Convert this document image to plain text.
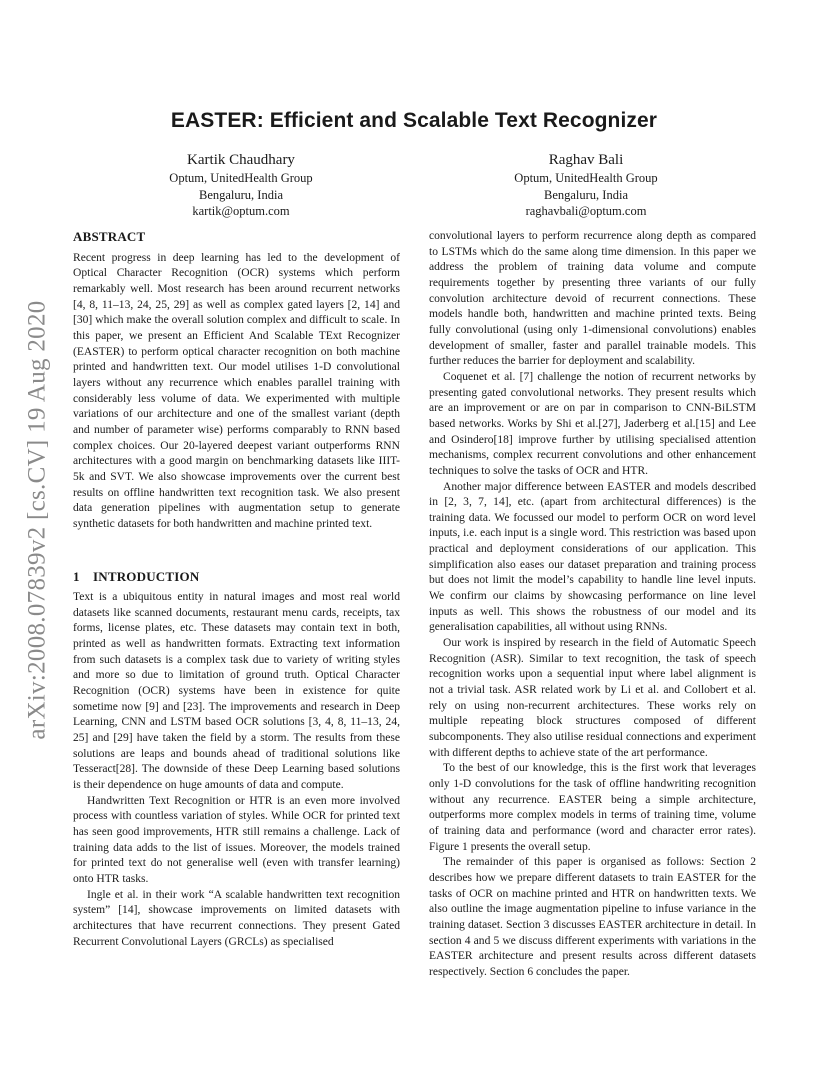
arXiv:2008.07839v2 [cs.CV] 19 Aug 2020
EASTER: Efficient and Scalable Text Recognizer
Kartik Chaudhary
Optum, UnitedHealth Group
Bengaluru, India
kartik@optum.com
Raghav Bali
Optum, UnitedHealth Group
Bengaluru, India
raghavbali@optum.com
ABSTRACT

Recent progress in deep learning has led to the development of Optical Character Recognition (OCR) systems which perform remarkably well. Most research has been around recurrent networks [4, 8, 11–13, 24, 25, 29] as well as complex gated layers [2, 14] and [30] which make the overall solution complex and difficult to scale. In this paper, we present an Efficient And Scalable TExt Recognizer (EASTER) to perform optical character recognition on both machine printed and handwritten text. Our model utilises 1-D convolutional layers without any recurrence which enables parallel training with considerably less volume of data. We experimented with multiple variations of our architecture and one of the smallest variant (depth and number of parameter wise) performs comparably to RNN based complex choices. Our 20-layered deepest variant outperforms RNN architectures with a good margin on benchmarking datasets like IIIT-5k and SVT. We also showcase improvements over the current best results on offline handwritten text recognition task. We also present data generation pipelines with augmentation setup to generate synthetic datasets for both handwritten and machine printed text.

1 INTRODUCTION

Text is a ubiquitous entity in natural images and most real world datasets like scanned documents, restaurant menu cards, receipts, tax forms, license plates, etc. These datasets may contain text in both, printed as well as handwritten formats. Extracting text information from such datasets is a complex task due to variety of writing styles and more so due to limitation of ground truth. Optical Character Recognition (OCR) systems have been in existence for quite sometime now [9] and [23]. The improvements and research in Deep Learning, CNN and LSTM based OCR solutions [3, 4, 8, 11–13, 24, 25] and [29] have taken the field by a storm. The results from these solutions are leaps and bounds ahead of traditional solutions like Tesseract[28]. The downside of these Deep Learning based solutions is their dependence on huge amounts of data and compute.

Handwritten Text Recognition or HTR is an even more involved process with countless variation of styles. While OCR for printed text has seen good improvements, HTR still remains a challenge. Lack of training data adds to the list of issues. Moreover, the models trained for printed text do not generalise well (even with transfer learning) onto HTR tasks.

Ingle et al. in their work “A scalable handwritten text recognition system” [14], showcase improvements on limited datasets with architectures that have recurrent connections. They present Gated Recurrent Convolutional Layers (GRCLs) as specialised

convolutional layers to perform recurrence along depth as compared to LSTMs which do the same along time dimension. In this paper we address the problem of training data volume and compute requirements together by presenting three variants of our fully convolution architecture devoid of recurrent connections. These models handle both, handwritten and machine printed texts. Being fully convolutional (using only 1-dimensional convolutions) enables development of smaller, faster and parallel trainable models. This further reduces the barrier for deployment and scalability.

Coquenet et al. [7] challenge the notion of recurrent networks by presenting gated convolutional networks. They present results which are an improvement or are on par in comparison to CNN-BiLSTM based networks. Works by Shi et al.[27], Jaderberg et al.[15] and Lee and Osindero[18] improve further by utilising specialised attention mechanisms, complex recurrent convolutions and other enhancement techniques to solve the tasks of OCR and HTR.

Another major difference between EASTER and models described in [2, 3, 7, 14], etc. (apart from architectural differences) is the training data. We focussed our model to perform OCR on word level inputs, i.e. each input is a single word. This restriction was based upon practical and deployment considerations of our application. This simplification also eases our dataset preparation and training process but does not limit the model’s capability to handle line level inputs. We confirm our claims by showcasing performance on line level inputs as well. This shows the robustness of our model and its generalisation capabilities, all without using RNNs.

Our work is inspired by research in the field of Automatic Speech Recognition (ASR). Similar to text recognition, the task of speech recognition works upon a sequential input where label alignment is not a trivial task. ASR related work by Li et al. and Collobert et al. rely on using non-recurrent architectures. These works rely on multiple repeating block structures composed of different subcomponents. They also utilise residual connections and experiment with different depths to achieve state of the art performance.

To the best of our knowledge, this is the first work that leverages only 1-D convolutions for the task of offline handwriting recognition without any recurrence. EASTER being a simple architecture, outperforms more complex models in terms of training time, volume of training data and performance (word and character error rates). Figure 1 presents the overall setup.

The remainder of this paper is organised as follows: Section 2 describes how we prepare different datasets to train EASTER for the tasks of OCR on machine printed and HTR on handwritten texts. We also outline the image augmentation pipeline to infuse variance in the training dataset. Section 3 discusses EASTER architecture in detail. In section 4 and 5 we discuss different experiments with variations in the EASTER architecture and present results across different datasets respectively. Section 6 concludes the paper.
